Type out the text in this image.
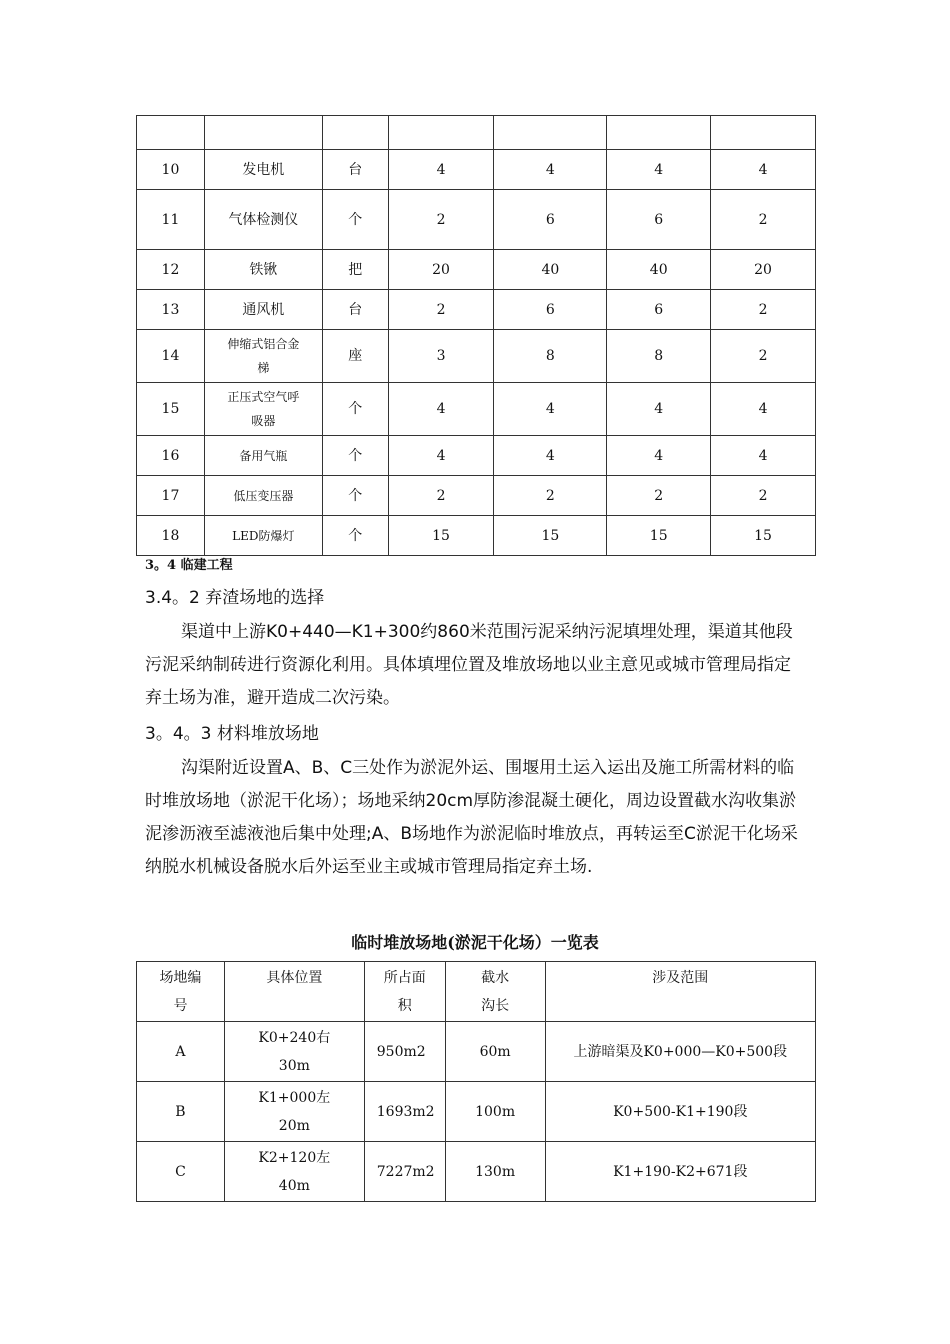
10	发电机	台	4	4	4	4
11	气体检测仪	个	2	6	6	2
12	铁锹	把	20	40	40	20
13	通风机	台	2	6	6	2
14	伸缩式铝合金梯	座	3	8	8	2
15	正压式空气呼吸器	个	4	4	4	4
16	备用气瓶	个	4	4	4	4
17	低压变压器	个	2	2	2	2
18	LED防爆灯	个	15	15	15	15
3。4 临建工程
3.4。2 弃渣场地的选择

渠道中上游K0+440—K1+300约860米范围污泥采纳污泥填埋处理，渠道其他段污泥采纳制砖进行资源化利用。具体填埋位置及堆放场地以业主意见或城市管理局指定弃土场为准，避开造成二次污染。

3。4。3 材料堆放场地

沟渠附近设置A、B、C三处作为淤泥外运、围堰用土运入运出及施工所需材料的临时堆放场地（淤泥干化场）；场地采纳20cm厚防渗混凝土硬化，周边设置截水沟收集淤泥渗沥液至滤液池后集中处理;A、B场地作为淤泥临时堆放点，再转运至C淤泥干化场采纳脱水机械设备脱水后外运至业主或城市管理局指定弃土场.

临时堆放场地(淤泥干化场）一览表
场地编号	具体位置	所占面积	截水沟长	涉及范围
A	K0+240右30m	950m2	60m	上游暗渠及K0+000—K0+500段
B	K1+000左20m	1693m2	100m	K0+500-K1+190段
C	K2+120左40m	7227m2	130m	K1+190-K2+671段
